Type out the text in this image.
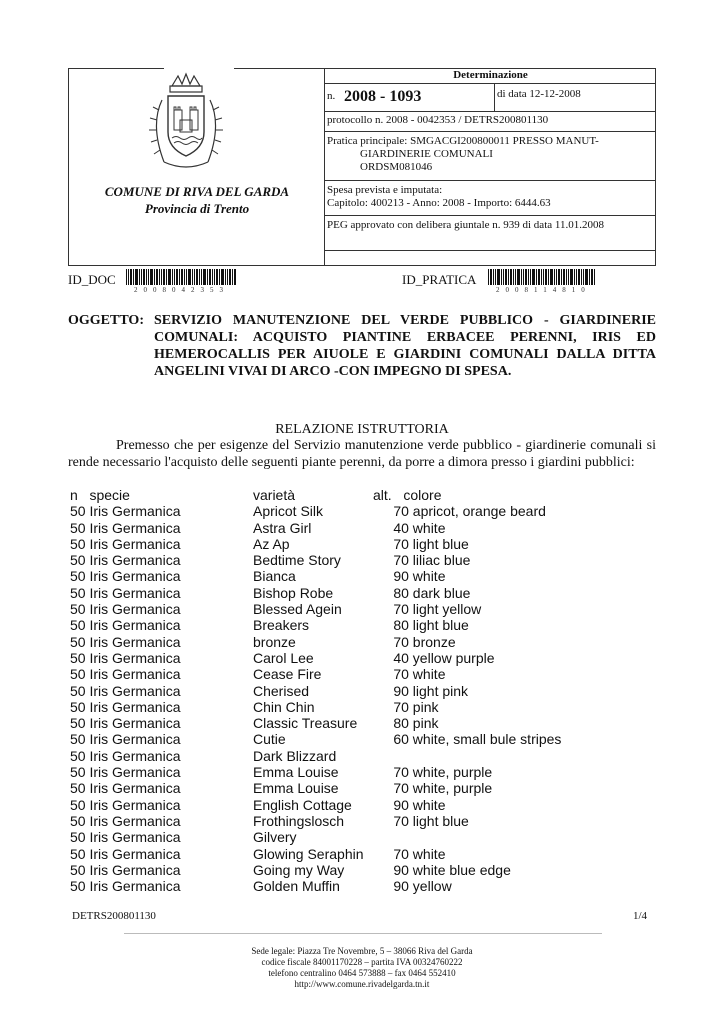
COMUNE DI RIVA DEL GARDA
Provincia di Trento
Determinazione
n. 2008 - 1093	di data 12-12-2008
protocollo n. 2008 - 0042353 / DETRS200801130
Pratica principale: SMGACGI200800011 PRESSO MANUT-
GIARDINERIE COMUNALI
ORDSM081046
Spesa prevista e imputata:
Capitolo: 400213 - Anno: 2008 - Importo: 6444.63
PEG approvato con delibera giuntale n. 939 di data 11.01.2008
ID_DOC
2008042353
ID_PRATICA
2008114810
OGGETTO: SERVIZIO MANUTENZIONE DEL VERDE PUBBLICO - GIARDINERIE COMUNALI: ACQUISTO PIANTINE ERBACEE PERENNI, IRIS ED HEMEROCALLIS PER AIUOLE E GIARDINI COMUNALI DALLA DITTA ANGELINI VIVAI DI ARCO -CON IMPEGNO DI SPESA.
RELAZIONE ISTRUTTORIA
Premesso che per esigenze del Servizio manutenzione verde pubblico - giardinerie comunali si rende necessario l'acquisto delle seguenti piante perenni, da porre a dimora presso i giardini pubblici:
n   specie	varietà	alt.   colore
50 Iris Germanica	Apricot Silk	70 apricot, orange beard
50 Iris Germanica	Astra Girl	40 white
50 Iris Germanica	Az Ap	70 light blue
50 Iris Germanica	Bedtime Story 70 liliac blue
50 Iris Germanica	Bianca	90 white
50 Iris Germanica	Bishop Robe	80 dark blue
50 Iris Germanica	Blessed Agein 70 light yellow
50 Iris Germanica	Breakers	80 light blue
50 Iris Germanica	bronze	70 bronze
50 Iris Germanica	Carol Lee	40 yellow purple
50 Iris Germanica	Cease Fire	70 white
50 Iris Germanica	Cherised	90 light pink
50 Iris Germanica	Chin Chin	70 pink
50 Iris Germanica	Classic Treasure 80 pink
50 Iris Germanica	Cutie	60 white, small bule stripes
50 Iris Germanica	Dark Blizzard
50 Iris Germanica	Emma Louise 70 white, purple
50 Iris Germanica	Emma Louise 70 white, purple
50 Iris Germanica	English Cottage 90 white
50 Iris Germanica	Frothingslosch 70 light blue
50 Iris Germanica	Gilvery
50 Iris Germanica	Glowing Seraphin 70 white
50 Iris Germanica	Going my Way 90 white blue edge
50 Iris Germanica	Golden Muffin 90 yellow
DETRS200801130	1/4
Sede legale: Piazza Tre Novembre, 5 – 38066 Riva del Garda
codice fiscale 84001170228 – partita IVA 00324760222
telefono centralino 0464 573888 – fax 0464 552410
http://www.comune.rivadelgarda.tn.it
